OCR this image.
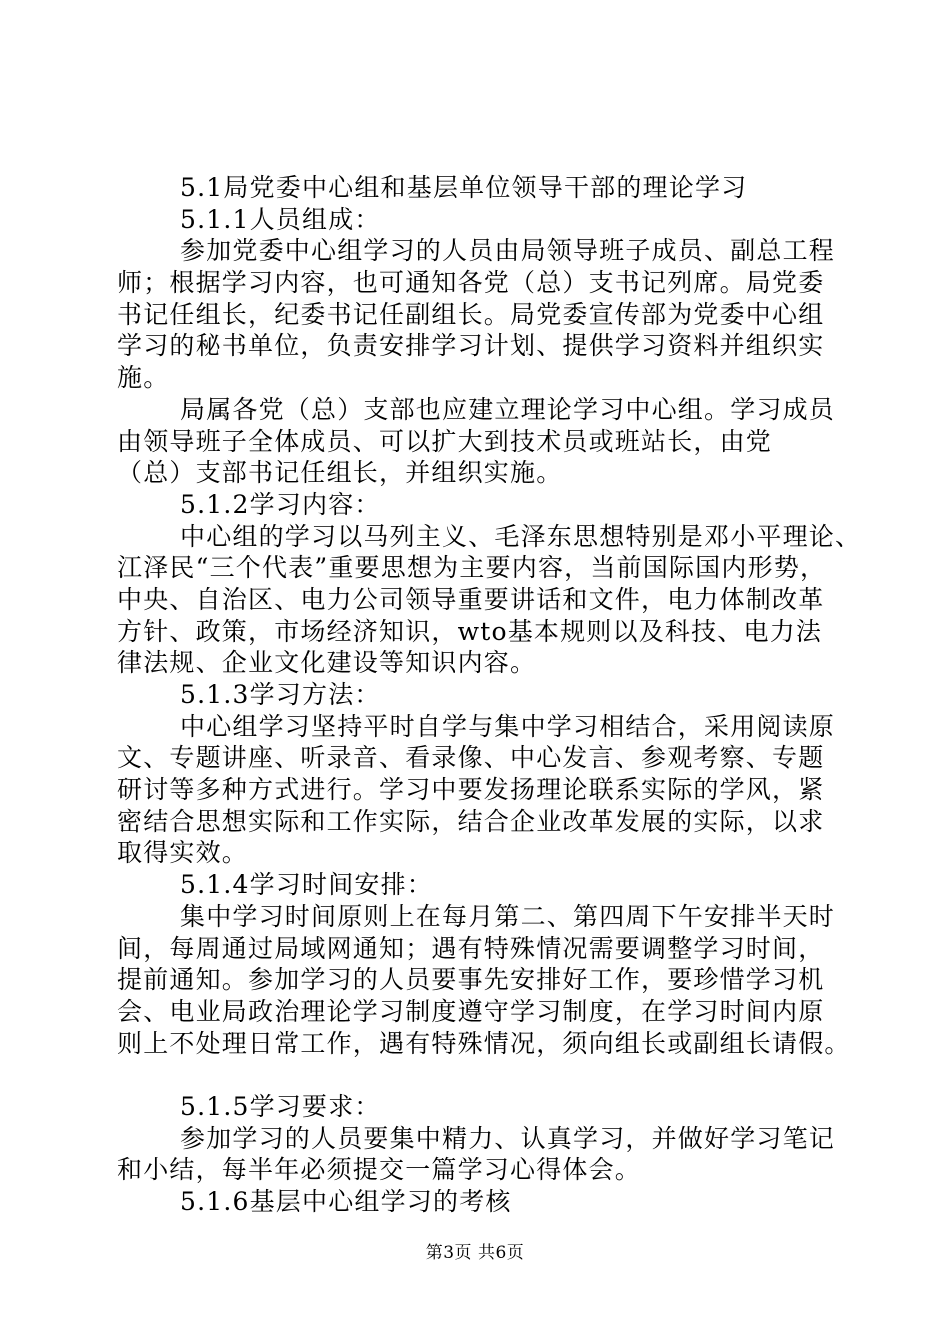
5.1局党委中心组和基层单位领导干部的理论学习
5.1.1人员组成：
参加党委中心组学习的人员由局领导班子成员、副总工程
师；根据学习内容，也可通知各党（总）支书记列席。局党委
书记任组长，纪委书记任副组长。局党委宣传部为党委中心组
学习的秘书单位，负责安排学习计划、提供学习资料并组织实
施。
局属各党（总）支部也应建立理论学习中心组。学习成员
由领导班子全体成员、可以扩大到技术员或班站长，由党
（总）支部书记任组长，并组织实施。
5.1.2学习内容：
中心组的学习以马列主义、毛泽东思想特别是邓小平理论、
江泽民“三个代表”重要思想为主要内容，当前国际国内形势，
中央、自治区、电力公司领导重要讲话和文件，电力体制改革
方针、政策，市场经济知识，wto基本规则以及科技、电力法
律法规、企业文化建设等知识内容。
5.1.3学习方法：
中心组学习坚持平时自学与集中学习相结合，采用阅读原
文、专题讲座、听录音、看录像、中心发言、参观考察、专题
研讨等多种方式进行。学习中要发扬理论联系实际的学风，紧
密结合思想实际和工作实际，结合企业改革发展的实际，以求
取得实效。
5.1.4学习时间安排：
集中学习时间原则上在每月第二、第四周下午安排半天时
间，每周通过局域网通知；遇有特殊情况需要调整学习时间，
提前通知。参加学习的人员要事先安排好工作，要珍惜学习机
会、电业局政治理论学习制度遵守学习制度，在学习时间内原
则上不处理日常工作，遇有特殊情况，须向组长或副组长请假。
5.1.5学习要求：
参加学习的人员要集中精力、认真学习，并做好学习笔记
和小结，每半年必须提交一篇学习心得体会。
5.1.6基层中心组学习的考核
第3页 共6页
